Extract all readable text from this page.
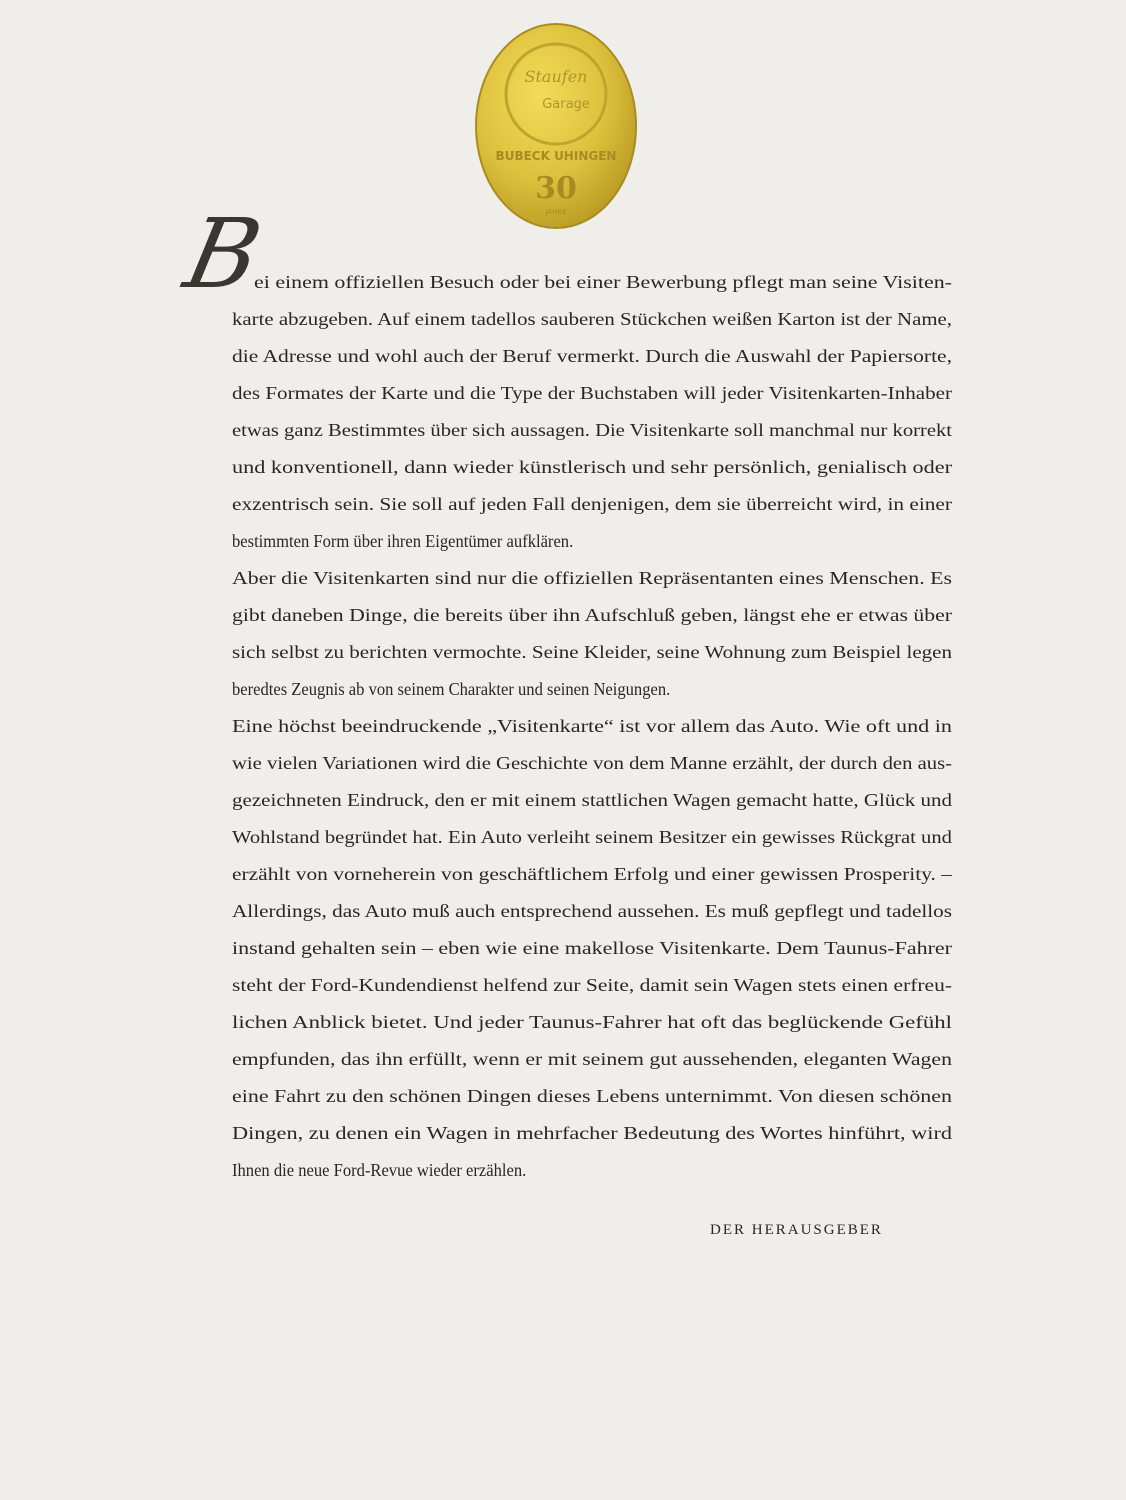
Staufen
Garage
BUBECK UHINGEN
30
JAHRE
B
ei einem offiziellen Besuch oder bei einer Bewerbung pflegt man seine Visiten-
karte abzugeben. Auf einem tadellos sauberen Stückchen weißen Karton ist der Name,
die Adresse und wohl auch der Beruf vermerkt. Durch die Auswahl der Papiersorte,
des Formates der Karte und die Type der Buchstaben will jeder Visitenkarten-Inhaber
etwas ganz Bestimmtes über sich aussagen. Die Visitenkarte soll manchmal nur korrekt
und konventionell, dann wieder künstlerisch und sehr persönlich, genialisch oder
exzentrisch sein. Sie soll auf jeden Fall denjenigen, dem sie überreicht wird, in einer
bestimmten Form über ihren Eigentümer aufklären.
Aber die Visitenkarten sind nur die offiziellen Repräsentanten eines Menschen. Es
gibt daneben Dinge, die bereits über ihn Aufschluß geben, längst ehe er etwas über
sich selbst zu berichten vermochte. Seine Kleider, seine Wohnung zum Beispiel legen
beredtes Zeugnis ab von seinem Charakter und seinen Neigungen.
Eine höchst beeindruckende „Visitenkarte“ ist vor allem das Auto. Wie oft und in
wie vielen Variationen wird die Geschichte von dem Manne erzählt, der durch den aus-
gezeichneten Eindruck, den er mit einem stattlichen Wagen gemacht hatte, Glück und
Wohlstand begründet hat. Ein Auto verleiht seinem Besitzer ein gewisses Rückgrat und
erzählt von vorneherein von geschäftlichem Erfolg und einer gewissen Prosperity. –
Allerdings, das Auto muß auch entsprechend aussehen. Es muß gepflegt und tadellos
instand gehalten sein – eben wie eine makellose Visitenkarte. Dem Taunus-Fahrer
steht der Ford-Kundendienst helfend zur Seite, damit sein Wagen stets einen erfreu-
lichen Anblick bietet. Und jeder Taunus-Fahrer hat oft das beglückende Gefühl
empfunden, das ihn erfüllt, wenn er mit seinem gut aussehenden, eleganten Wagen
eine Fahrt zu den schönen Dingen dieses Lebens unternimmt. Von diesen schönen
Dingen, zu denen ein Wagen in mehrfacher Bedeutung des Wortes hinführt, wird
Ihnen die neue Ford-Revue wieder erzählen.
DER HERAUSGEBER
